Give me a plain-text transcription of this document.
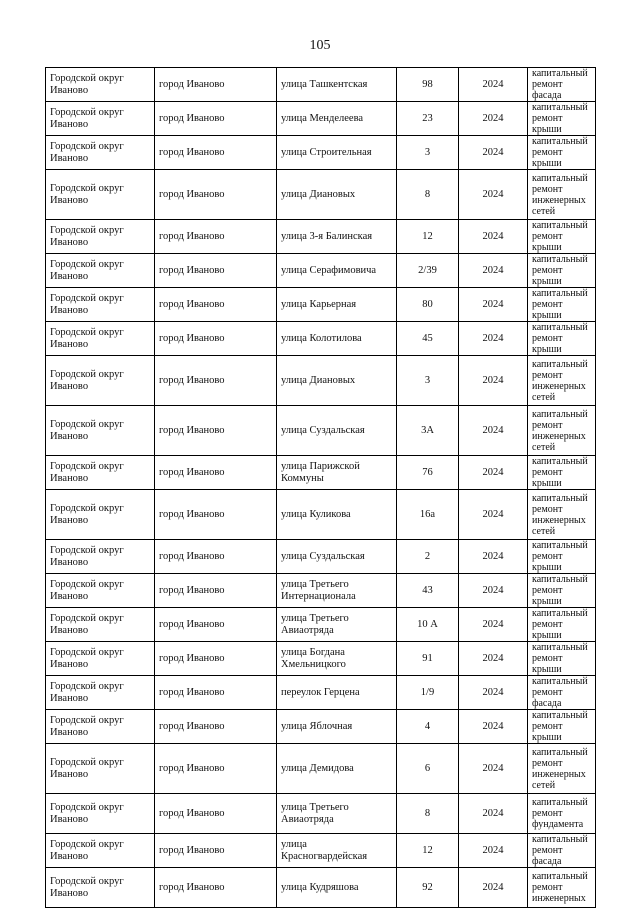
105
Городской округ Иваново	город Иваново	улица Ташкентская	98	2024	капитальный ремонт фасада
Городской округ Иваново	город Иваново	улица Менделеева	23	2024	капитальный ремонт крыши
Городской округ Иваново	город Иваново	улица Строительная	3	2024	капитальный ремонт крыши
Городской округ Иваново	город Иваново	улица Диановых	8	2024	капитальный ремонт инженерных сетей
Городской округ Иваново	город Иваново	улица 3-я Балинская	12	2024	капитальный ремонт крыши
Городской округ Иваново	город Иваново	улица Серафимовича	2/39	2024	капитальный ремонт крыши
Городской округ Иваново	город Иваново	улица Карьерная	80	2024	капитальный ремонт крыши
Городской округ Иваново	город Иваново	улица Колотилова	45	2024	капитальный ремонт крыши
Городской округ Иваново	город Иваново	улица Диановых	3	2024	капитальный ремонт инженерных сетей
Городской округ Иваново	город Иваново	улица Суздальская	3А	2024	капитальный ремонт инженерных сетей
Городской округ Иваново	город Иваново	улица Парижской Коммуны	76	2024	капитальный ремонт крыши
Городской округ Иваново	город Иваново	улица Куликова	16а	2024	капитальный ремонт инженерных сетей
Городской округ Иваново	город Иваново	улица Суздальская	2	2024	капитальный ремонт крыши
Городской округ Иваново	город Иваново	улица Третьего Интернационала	43	2024	капитальный ремонт крыши
Городской округ Иваново	город Иваново	улица Третьего Авиаотряда	10 А	2024	капитальный ремонт крыши
Городской округ Иваново	город Иваново	улица Богдана Хмельницкого	91	2024	капитальный ремонт крыши
Городской округ Иваново	город Иваново	переулок Герцена	1/9	2024	капитальный ремонт фасада
Городской округ Иваново	город Иваново	улица Яблочная	4	2024	капитальный ремонт крыши
Городской округ Иваново	город Иваново	улица Демидова	6	2024	капитальный ремонт инженерных сетей
Городской округ Иваново	город Иваново	улица Третьего Авиаотряда	8	2024	капитальный ремонт фундамента
Городской округ Иваново	город Иваново	улица Красногвардейская	12	2024	капитальный ремонт фасада
Городской округ Иваново	город Иваново	улица Кудряшова	92	2024	капитальный ремонт инженерных
